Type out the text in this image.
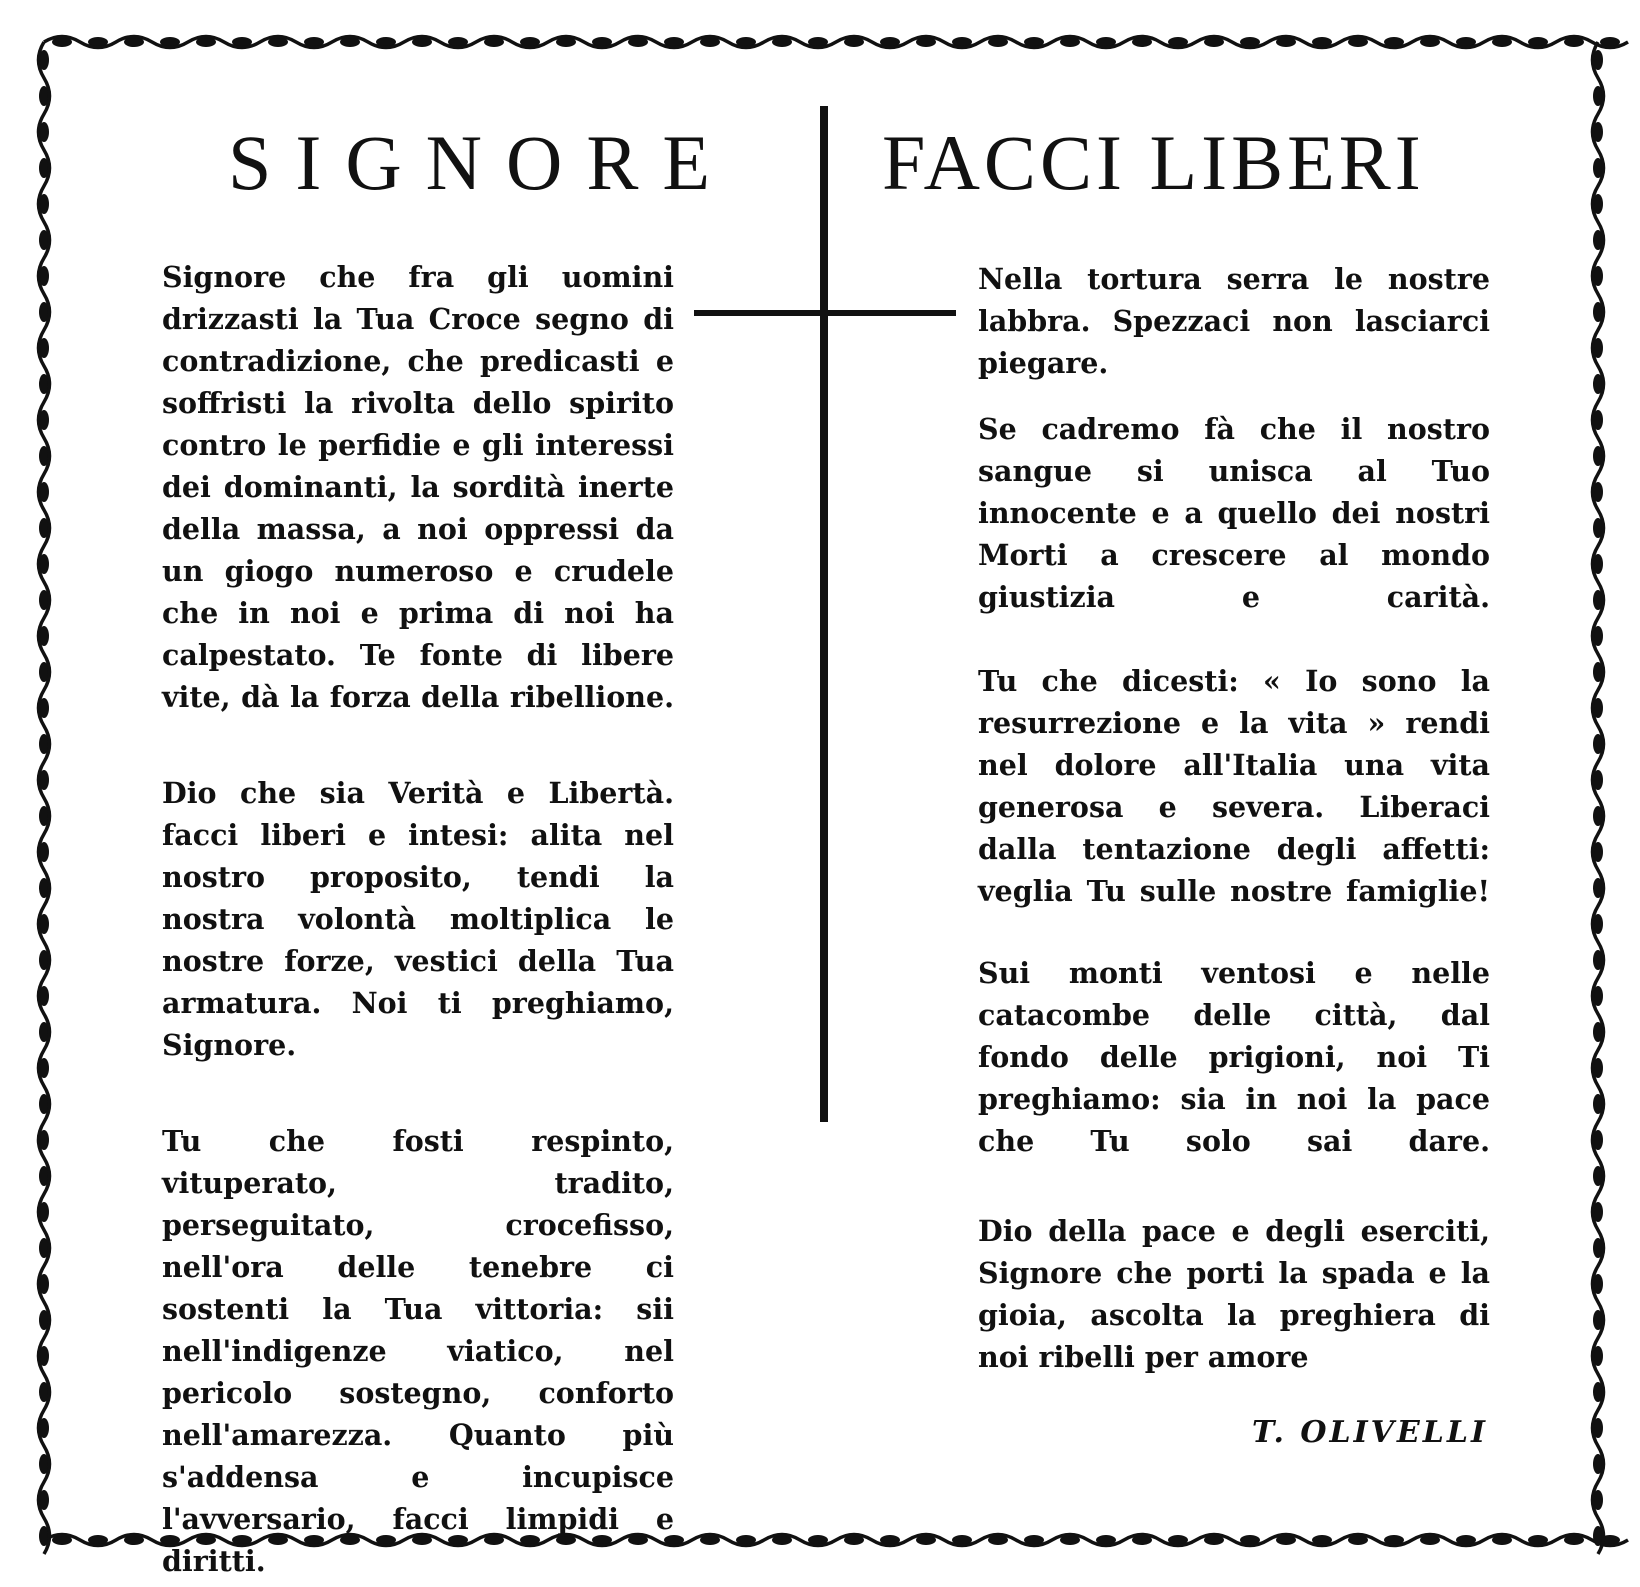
SIGNORE FACCI LIBERI

Signore che fra gli uomini drizzasti la Tua Croce segno di contradizione, che predicasti e soffristi la rivolta dello spirito contro le perfidie e gli interessi dei dominanti, la sordità inerte della massa, a noi oppressi da un giogo numeroso e crudele che in noi e prima di noi ha calpestato. Te fonte di libere vite, dà la forza della ribellione.

Dio che sia Verità e Libertà. facci liberi e intesi: alita nel nostro proposito, tendi la nostra volontà moltiplica le nostre forze, vestici della Tua armatura. Noi ti preghiamo, Signore.

Tu che fosti respinto, vituperato, tradito, perseguitato, crocefisso, nell'ora delle tenebre ci sostenti la Tua vittoria: sii nell'indigenze viatico, nel pericolo sostegno, conforto nell'amarezza. Quanto più s'addensa e incupisce l'avversario, facci limpidi e diritti.

Nella tortura serra le nostre labbra. Spezzaci non lasciarci piegare.

Se cadremo fà che il nostro sangue si unisca al Tuo innocente e a quello dei nostri Morti a crescere al mondo giustizia e carità.

Tu che dicesti: « Io sono la resurrezione e la vita » rendi nel dolore all'Italia una vita generosa e severa. Liberaci dalla tentazione degli affetti: veglia Tu sulle nostre famiglie!

Sui monti ventosi e nelle catacombe delle città, dal fondo delle prigioni, noi Ti preghiamo: sia in noi la pace che Tu solo sai dare.

Dio della pace e degli eserciti, Signore che porti la spada e la gioia, ascolta la preghiera di noi ribelli per amore

T. OLIVELLI
